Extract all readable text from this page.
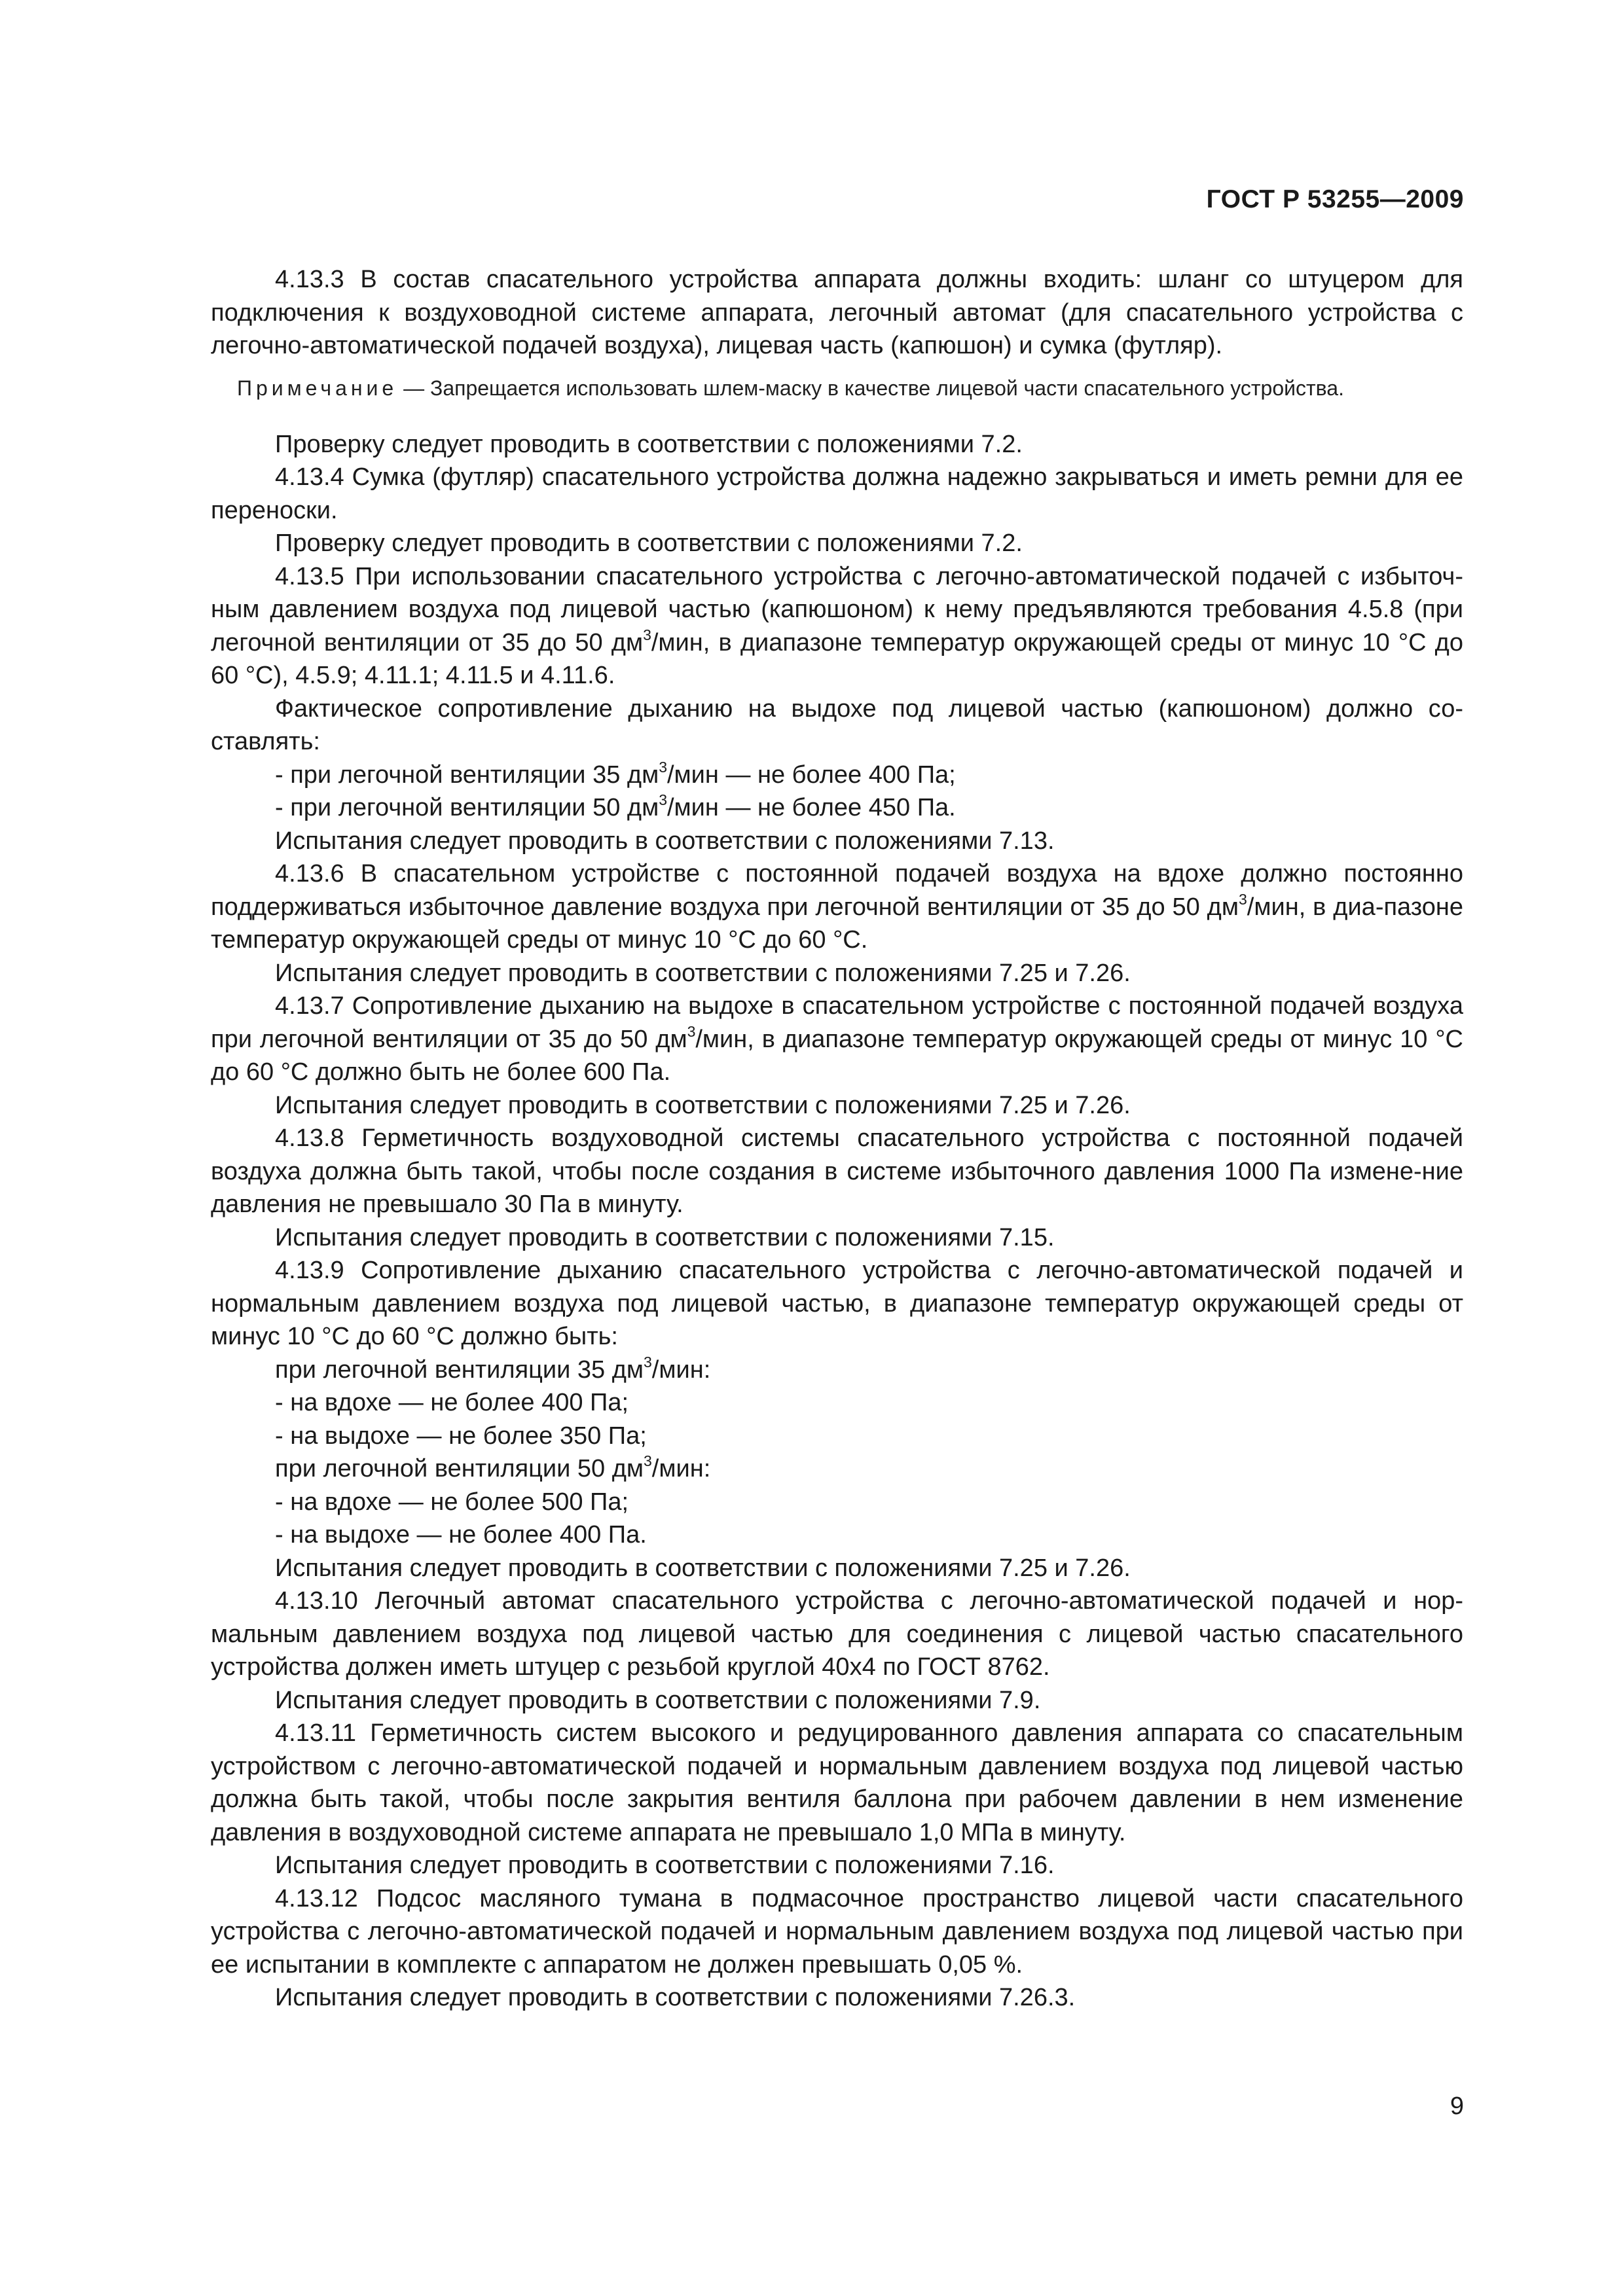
ГОСТ Р 53255—2009

4.13.3 В состав спасательного устройства аппарата должны входить: шланг со штуцером для подключения к воздуховодной системе аппарата, легочный автомат (для спасательного устройства с легочно-автоматической подачей воздуха), лицевая часть (капюшон) и сумка (футляр).

Примечание — Запрещается использовать шлем-маску в качестве лицевой части спасательного устройства.

Проверку следует проводить в соответствии с положениями 7.2.

4.13.4 Сумка (футляр) спасательного устройства должна надежно закрываться и иметь ремни для ее переноски.

Проверку следует проводить в соответствии с положениями 7.2.

4.13.5 При использовании спасательного устройства с легочно-автоматической подачей с избыточ-ным давлением воздуха под лицевой частью (капюшоном) к нему предъявляются требования 4.5.8 (при легочной вентиляции от 35 до 50 $дм^3$/мин, в диапазоне температур окружающей среды от минус 10 °С до 60 °С), 4.5.9; 4.11.1; 4.11.5 и 4.11.6.

Фактическое сопротивление дыханию на выдохе под лицевой частью (капюшоном) должно со-ставлять:

- при легочной вентиляции 35 $дм^3$/мин — не более 400 Па;

- при легочной вентиляции 50 $дм^3$/мин — не более 450 Па.

Испытания следует проводить в соответствии с положениями 7.13.

4.13.6 В спасательном устройстве с постоянной подачей воздуха на вдохе должно постоянно поддерживаться избыточное давление воздуха при легочной вентиляции от 35 до 50 $дм^3$/мин, в диа-пазоне температур окружающей среды от минус 10 °С до 60 °С.

Испытания следует проводить в соответствии с положениями 7.25 и 7.26.

4.13.7 Сопротивление дыханию на выдохе в спасательном устройстве с постоянной подачей воздуха при легочной вентиляции от 35 до 50 $дм^3$/мин, в диапазоне температур окружающей среды от минус 10 °С до 60 °С должно быть не более 600 Па.

Испытания следует проводить в соответствии с положениями 7.25 и 7.26.

4.13.8 Герметичность воздуховодной системы спасательного устройства с постоянной подачей воздуха должна быть такой, чтобы после создания в системе избыточного давления 1000 Па измене-ние давления не превышало 30 Па в минуту.

Испытания следует проводить в соответствии с положениями 7.15.

4.13.9 Сопротивление дыханию спасательного устройства с легочно-автоматической подачей и нормальным давлением воздуха под лицевой частью, в диапазоне температур окружающей среды от минус 10 °С до 60 °С должно быть:

при легочной вентиляции 35 $дм^3$/мин:

- на вдохе — не более 400 Па;

- на выдохе — не более 350 Па;

при легочной вентиляции 50 $дм^3$/мин:

- на вдохе — не более 500 Па;

- на выдохе — не более 400 Па.

Испытания следует проводить в соответствии с положениями 7.25 и 7.26.

4.13.10 Легочный автомат спасательного устройства с легочно-автоматической подачей и нор-мальным давлением воздуха под лицевой частью для соединения с лицевой частью спасательного устройства должен иметь штуцер с резьбой круглой 40х4 по ГОСТ 8762.

Испытания следует проводить в соответствии с положениями 7.9.

4.13.11 Герметичность систем высокого и редуцированного давления аппарата со спасательным устройством с легочно-автоматической подачей и нормальным давлением воздуха под лицевой частью должна быть такой, чтобы после закрытия вентиля баллона при рабочем давлении в нем изменение давления в воздуховодной системе аппарата не превышало 1,0 МПа в минуту.

Испытания следует проводить в соответствии с положениями 7.16.

4.13.12 Подсос масляного тумана в подмасочное пространство лицевой части спасательного устройства с легочно-автоматической подачей и нормальным давлением воздуха под лицевой частью при ее испытании в комплекте с аппаратом не должен превышать 0,05 %.

Испытания следует проводить в соответствии с положениями 7.26.3.

9
